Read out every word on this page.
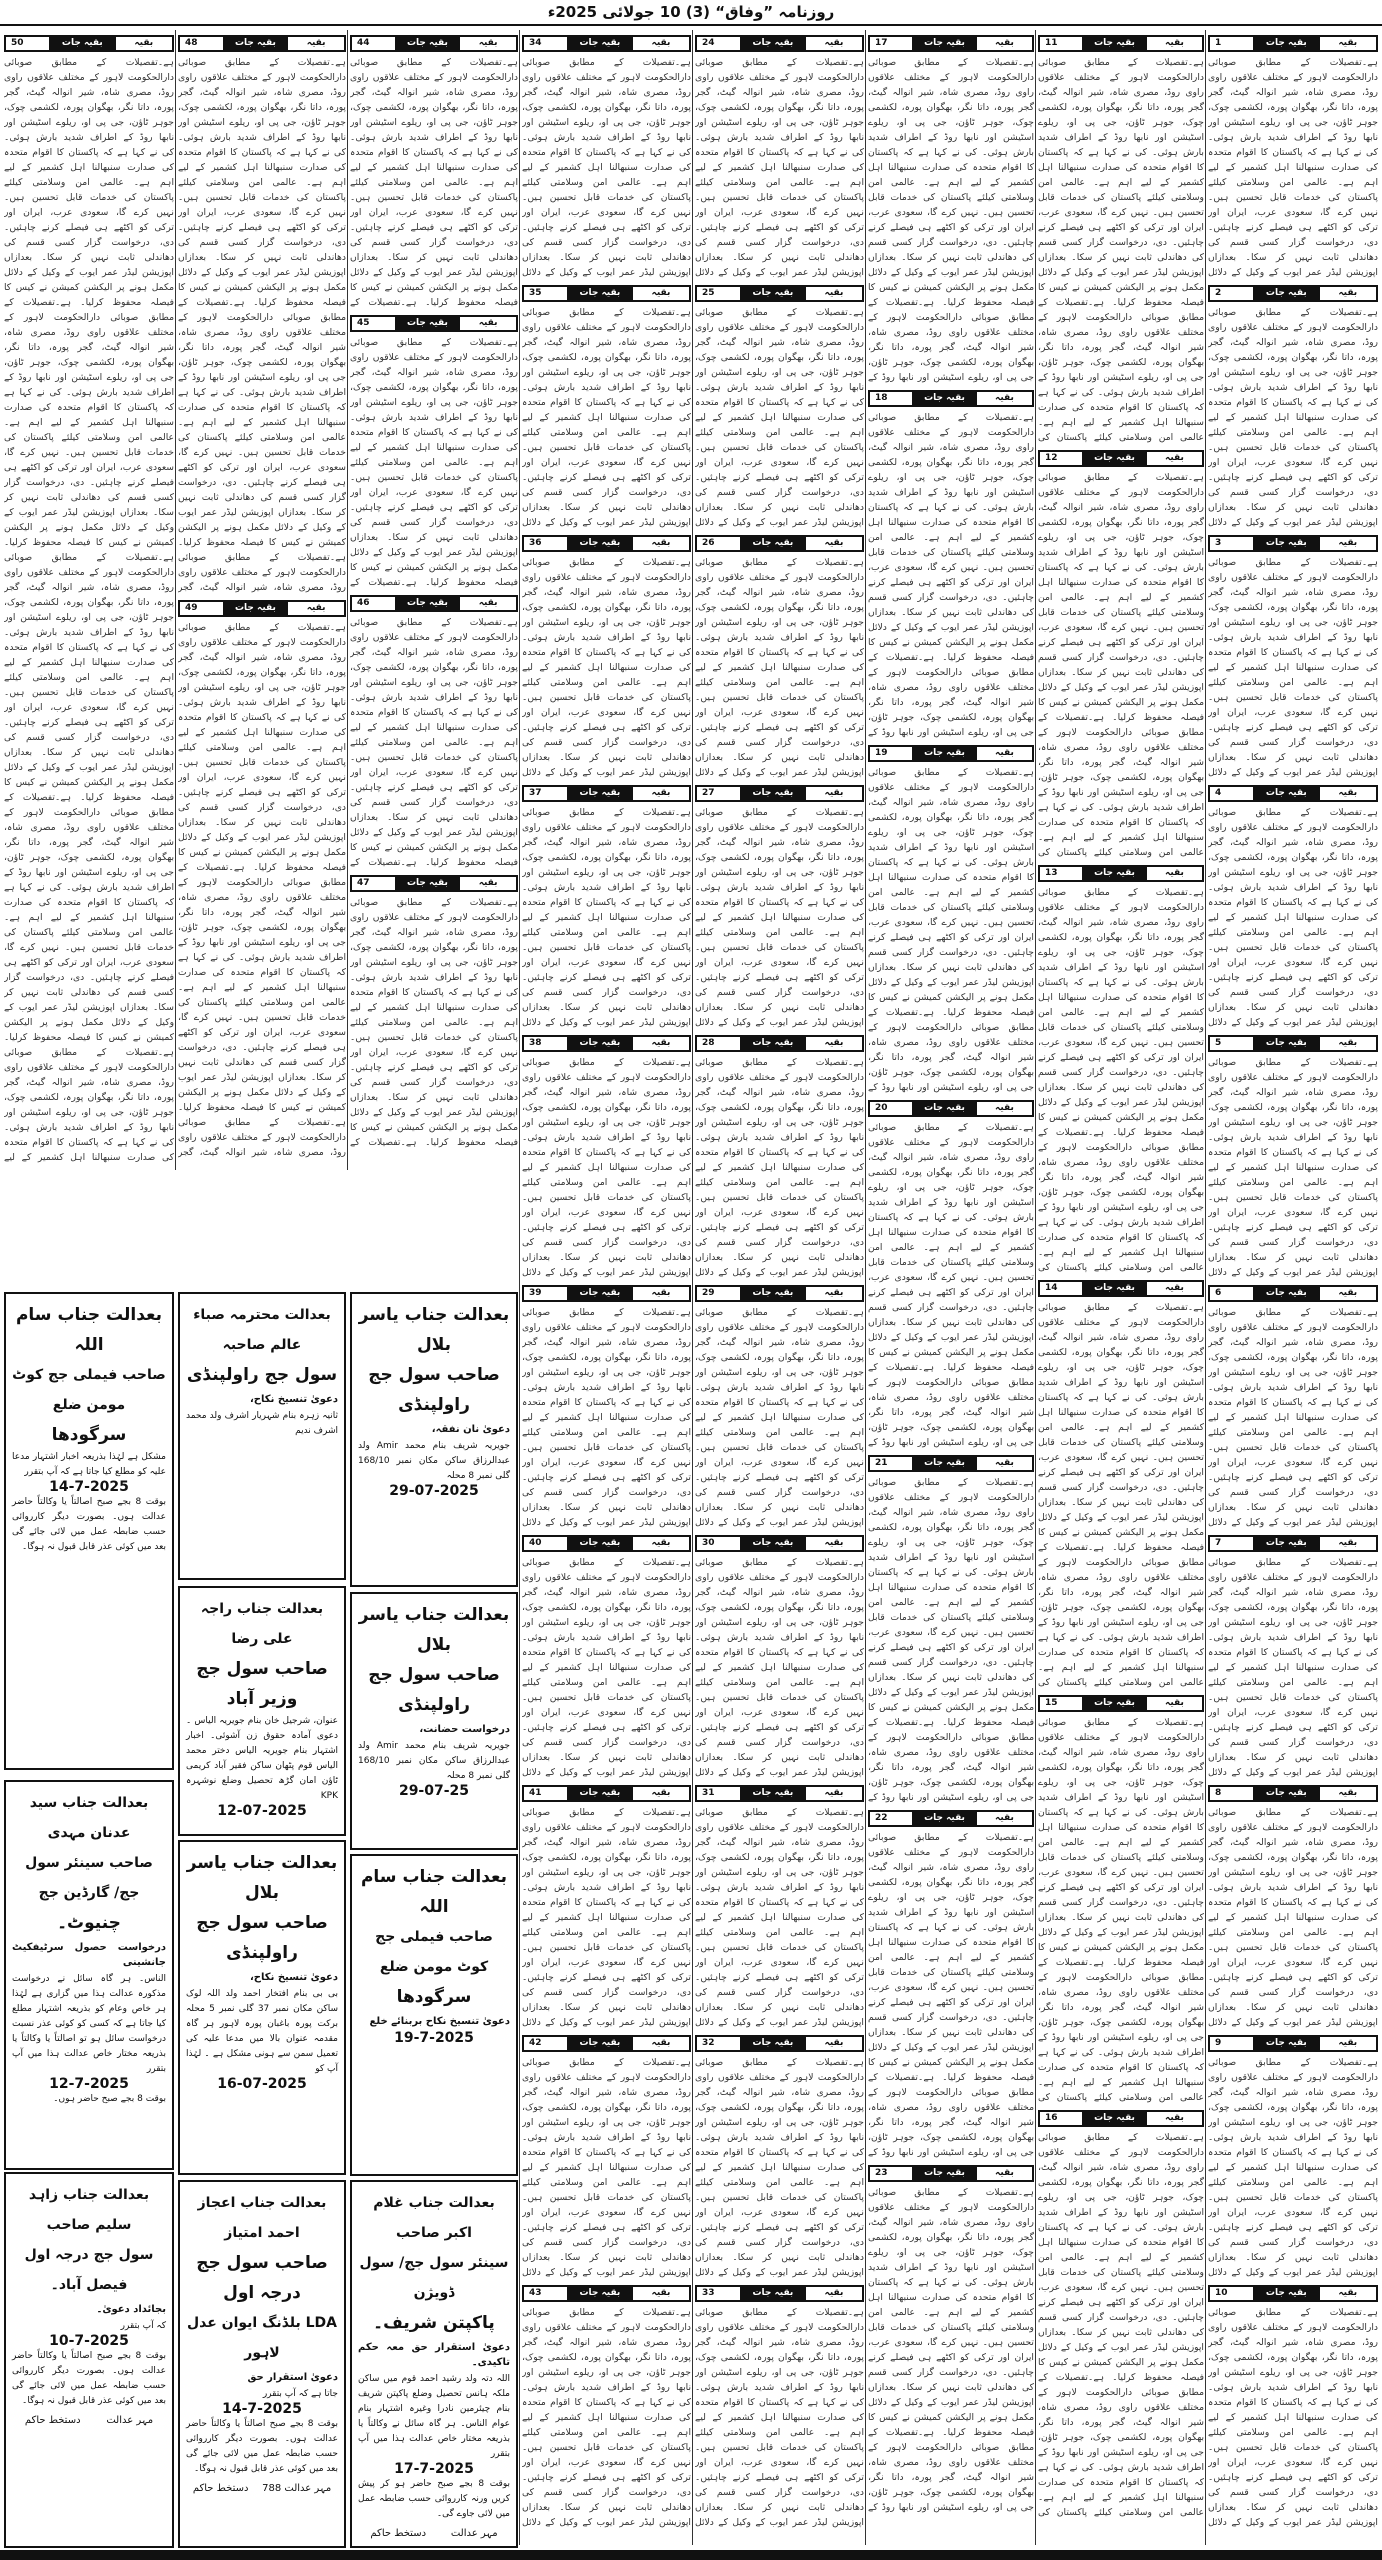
روزنامہ ”وفاق“ (3) 10 جولائی 2025ء
بقیہ
بقیہ جات
1

ہے۔تفصیلات کے مطابق صوبائی دارالحکومت لاہور کے مختلف علاقوں راوی روڈ، مصری شاہ، شیر انوالہ گیٹ، گجر پورہ، داتا نگر، بھگوان پورہ، لکشمی چوک، جوہر ٹاؤن، جی پی او، ریلوے اسٹیشن اور نابھا روڈ کے اطراف شدید بارش ہوئی۔ کی نے کہا ہے کہ پاکستان کا اقوام متحدہ کی صدارت سنبھالنا اہل کشمیر کے لیے اہم ہے۔ عالمی امن وسلامتی کیلئے پاکستان کی خدمات قابل تحسین ہیں۔ نہیں کرے گا، سعودی عرب، ایران اور ترکی کو اکٹھے ہی فیصلے کرنے چاہئیں۔ دی، درخواست گزار کسی قسم کی دھاندلی ثابت نہیں کر سکا۔ بعدازاں اپوزیشن لیڈر عمر ایوب کے وکیل کے دلائل

بقیہ
بقیہ جات
2

ہے۔تفصیلات کے مطابق صوبائی دارالحکومت لاہور کے مختلف علاقوں راوی روڈ، مصری شاہ، شیر انوالہ گیٹ، گجر پورہ، داتا نگر، بھگوان پورہ، لکشمی چوک، جوہر ٹاؤن، جی پی او، ریلوے اسٹیشن اور نابھا روڈ کے اطراف شدید بارش ہوئی۔ کی نے کہا ہے کہ پاکستان کا اقوام متحدہ کی صدارت سنبھالنا اہل کشمیر کے لیے اہم ہے۔ عالمی امن وسلامتی کیلئے پاکستان کی خدمات قابل تحسین ہیں۔ نہیں کرے گا، سعودی عرب، ایران اور ترکی کو اکٹھے ہی فیصلے کرنے چاہئیں۔ دی، درخواست گزار کسی قسم کی دھاندلی ثابت نہیں کر سکا۔ بعدازاں اپوزیشن لیڈر عمر ایوب کے وکیل کے دلائل

بقیہ
بقیہ جات
3

ہے۔تفصیلات کے مطابق صوبائی دارالحکومت لاہور کے مختلف علاقوں راوی روڈ، مصری شاہ، شیر انوالہ گیٹ، گجر پورہ، داتا نگر، بھگوان پورہ، لکشمی چوک، جوہر ٹاؤن، جی پی او، ریلوے اسٹیشن اور نابھا روڈ کے اطراف شدید بارش ہوئی۔ کی نے کہا ہے کہ پاکستان کا اقوام متحدہ کی صدارت سنبھالنا اہل کشمیر کے لیے اہم ہے۔ عالمی امن وسلامتی کیلئے پاکستان کی خدمات قابل تحسین ہیں۔ نہیں کرے گا، سعودی عرب، ایران اور ترکی کو اکٹھے ہی فیصلے کرنے چاہئیں۔ دی، درخواست گزار کسی قسم کی دھاندلی ثابت نہیں کر سکا۔ بعدازاں اپوزیشن لیڈر عمر ایوب کے وکیل کے دلائل

بقیہ
بقیہ جات
4

ہے۔تفصیلات کے مطابق صوبائی دارالحکومت لاہور کے مختلف علاقوں راوی روڈ، مصری شاہ، شیر انوالہ گیٹ، گجر پورہ، داتا نگر، بھگوان پورہ، لکشمی چوک، جوہر ٹاؤن، جی پی او، ریلوے اسٹیشن اور نابھا روڈ کے اطراف شدید بارش ہوئی۔ کی نے کہا ہے کہ پاکستان کا اقوام متحدہ کی صدارت سنبھالنا اہل کشمیر کے لیے اہم ہے۔ عالمی امن وسلامتی کیلئے پاکستان کی خدمات قابل تحسین ہیں۔ نہیں کرے گا، سعودی عرب، ایران اور ترکی کو اکٹھے ہی فیصلے کرنے چاہئیں۔ دی، درخواست گزار کسی قسم کی دھاندلی ثابت نہیں کر سکا۔ بعدازاں اپوزیشن لیڈر عمر ایوب کے وکیل کے دلائل

بقیہ
بقیہ جات
5

ہے۔تفصیلات کے مطابق صوبائی دارالحکومت لاہور کے مختلف علاقوں راوی روڈ، مصری شاہ، شیر انوالہ گیٹ، گجر پورہ، داتا نگر، بھگوان پورہ، لکشمی چوک، جوہر ٹاؤن، جی پی او، ریلوے اسٹیشن اور نابھا روڈ کے اطراف شدید بارش ہوئی۔ کی نے کہا ہے کہ پاکستان کا اقوام متحدہ کی صدارت سنبھالنا اہل کشمیر کے لیے اہم ہے۔ عالمی امن وسلامتی کیلئے پاکستان کی خدمات قابل تحسین ہیں۔ نہیں کرے گا، سعودی عرب، ایران اور ترکی کو اکٹھے ہی فیصلے کرنے چاہئیں۔ دی، درخواست گزار کسی قسم کی دھاندلی ثابت نہیں کر سکا۔ بعدازاں اپوزیشن لیڈر عمر ایوب کے وکیل کے دلائل

بقیہ
بقیہ جات
6

ہے۔تفصیلات کے مطابق صوبائی دارالحکومت لاہور کے مختلف علاقوں راوی روڈ، مصری شاہ، شیر انوالہ گیٹ، گجر پورہ، داتا نگر، بھگوان پورہ، لکشمی چوک، جوہر ٹاؤن، جی پی او، ریلوے اسٹیشن اور نابھا روڈ کے اطراف شدید بارش ہوئی۔ کی نے کہا ہے کہ پاکستان کا اقوام متحدہ کی صدارت سنبھالنا اہل کشمیر کے لیے اہم ہے۔ عالمی امن وسلامتی کیلئے پاکستان کی خدمات قابل تحسین ہیں۔ نہیں کرے گا، سعودی عرب، ایران اور ترکی کو اکٹھے ہی فیصلے کرنے چاہئیں۔ دی، درخواست گزار کسی قسم کی دھاندلی ثابت نہیں کر سکا۔ بعدازاں اپوزیشن لیڈر عمر ایوب کے وکیل کے دلائل

بقیہ
بقیہ جات
7

ہے۔تفصیلات کے مطابق صوبائی دارالحکومت لاہور کے مختلف علاقوں راوی روڈ، مصری شاہ، شیر انوالہ گیٹ، گجر پورہ، داتا نگر، بھگوان پورہ، لکشمی چوک، جوہر ٹاؤن، جی پی او، ریلوے اسٹیشن اور نابھا روڈ کے اطراف شدید بارش ہوئی۔ کی نے کہا ہے کہ پاکستان کا اقوام متحدہ کی صدارت سنبھالنا اہل کشمیر کے لیے اہم ہے۔ عالمی امن وسلامتی کیلئے پاکستان کی خدمات قابل تحسین ہیں۔ نہیں کرے گا، سعودی عرب، ایران اور ترکی کو اکٹھے ہی فیصلے کرنے چاہئیں۔ دی، درخواست گزار کسی قسم کی دھاندلی ثابت نہیں کر سکا۔ بعدازاں اپوزیشن لیڈر عمر ایوب کے وکیل کے دلائل

بقیہ
بقیہ جات
8

ہے۔تفصیلات کے مطابق صوبائی دارالحکومت لاہور کے مختلف علاقوں راوی روڈ، مصری شاہ، شیر انوالہ گیٹ، گجر پورہ، داتا نگر، بھگوان پورہ، لکشمی چوک، جوہر ٹاؤن، جی پی او، ریلوے اسٹیشن اور نابھا روڈ کے اطراف شدید بارش ہوئی۔ کی نے کہا ہے کہ پاکستان کا اقوام متحدہ کی صدارت سنبھالنا اہل کشمیر کے لیے اہم ہے۔ عالمی امن وسلامتی کیلئے پاکستان کی خدمات قابل تحسین ہیں۔ نہیں کرے گا، سعودی عرب، ایران اور ترکی کو اکٹھے ہی فیصلے کرنے چاہئیں۔ دی، درخواست گزار کسی قسم کی دھاندلی ثابت نہیں کر سکا۔ بعدازاں اپوزیشن لیڈر عمر ایوب کے وکیل کے دلائل

بقیہ
بقیہ جات
9

ہے۔تفصیلات کے مطابق صوبائی دارالحکومت لاہور کے مختلف علاقوں راوی روڈ، مصری شاہ، شیر انوالہ گیٹ، گجر پورہ، داتا نگر، بھگوان پورہ، لکشمی چوک، جوہر ٹاؤن، جی پی او، ریلوے اسٹیشن اور نابھا روڈ کے اطراف شدید بارش ہوئی۔ کی نے کہا ہے کہ پاکستان کا اقوام متحدہ کی صدارت سنبھالنا اہل کشمیر کے لیے اہم ہے۔ عالمی امن وسلامتی کیلئے پاکستان کی خدمات قابل تحسین ہیں۔ نہیں کرے گا، سعودی عرب، ایران اور ترکی کو اکٹھے ہی فیصلے کرنے چاہئیں۔ دی، درخواست گزار کسی قسم کی دھاندلی ثابت نہیں کر سکا۔ بعدازاں اپوزیشن لیڈر عمر ایوب کے وکیل کے دلائل

بقیہ
بقیہ جات
10

ہے۔تفصیلات کے مطابق صوبائی دارالحکومت لاہور کے مختلف علاقوں راوی روڈ، مصری شاہ، شیر انوالہ گیٹ، گجر پورہ، داتا نگر، بھگوان پورہ، لکشمی چوک، جوہر ٹاؤن، جی پی او، ریلوے اسٹیشن اور نابھا روڈ کے اطراف شدید بارش ہوئی۔ کی نے کہا ہے کہ پاکستان کا اقوام متحدہ کی صدارت سنبھالنا اہل کشمیر کے لیے اہم ہے۔ عالمی امن وسلامتی کیلئے پاکستان کی خدمات قابل تحسین ہیں۔ نہیں کرے گا، سعودی عرب، ایران اور ترکی کو اکٹھے ہی فیصلے کرنے چاہئیں۔ دی، درخواست گزار کسی قسم کی دھاندلی ثابت نہیں کر سکا۔ بعدازاں اپوزیشن لیڈر عمر ایوب کے وکیل کے دلائل

بقیہ
بقیہ جات
11

ہے۔تفصیلات کے مطابق صوبائی دارالحکومت لاہور کے مختلف علاقوں راوی روڈ، مصری شاہ، شیر انوالہ گیٹ، گجر پورہ، داتا نگر، بھگوان پورہ، لکشمی چوک، جوہر ٹاؤن، جی پی او، ریلوے اسٹیشن اور نابھا روڈ کے اطراف شدید بارش ہوئی۔ کی نے کہا ہے کہ پاکستان کا اقوام متحدہ کی صدارت سنبھالنا اہل کشمیر کے لیے اہم ہے۔ عالمی امن وسلامتی کیلئے پاکستان کی خدمات قابل تحسین ہیں۔ نہیں کرے گا، سعودی عرب، ایران اور ترکی کو اکٹھے ہی فیصلے کرنے چاہئیں۔ دی، درخواست گزار کسی قسم کی دھاندلی ثابت نہیں کر سکا۔ بعدازاں اپوزیشن لیڈر عمر ایوب کے وکیل کے دلائل مکمل ہونے پر الیکشن کمیشن نے کیس کا فیصلہ محفوظ کرلیا۔ ہے۔تفصیلات کے مطابق صوبائی دارالحکومت لاہور کے مختلف علاقوں راوی روڈ، مصری شاہ، شیر انوالہ گیٹ، گجر پورہ، داتا نگر، بھگوان پورہ، لکشمی چوک، جوہر ٹاؤن، جی پی او، ریلوے اسٹیشن اور نابھا روڈ کے اطراف شدید بارش ہوئی۔ کی نے کہا ہے کہ پاکستان کا اقوام متحدہ کی صدارت سنبھالنا اہل کشمیر کے لیے اہم ہے۔ عالمی امن وسلامتی کیلئے پاکستان کی

بقیہ
بقیہ جات
12

ہے۔تفصیلات کے مطابق صوبائی دارالحکومت لاہور کے مختلف علاقوں راوی روڈ، مصری شاہ، شیر انوالہ گیٹ، گجر پورہ، داتا نگر، بھگوان پورہ، لکشمی چوک، جوہر ٹاؤن، جی پی او، ریلوے اسٹیشن اور نابھا روڈ کے اطراف شدید بارش ہوئی۔ کی نے کہا ہے کہ پاکستان کا اقوام متحدہ کی صدارت سنبھالنا اہل کشمیر کے لیے اہم ہے۔ عالمی امن وسلامتی کیلئے پاکستان کی خدمات قابل تحسین ہیں۔ نہیں کرے گا، سعودی عرب، ایران اور ترکی کو اکٹھے ہی فیصلے کرنے چاہئیں۔ دی، درخواست گزار کسی قسم کی دھاندلی ثابت نہیں کر سکا۔ بعدازاں اپوزیشن لیڈر عمر ایوب کے وکیل کے دلائل مکمل ہونے پر الیکشن کمیشن نے کیس کا فیصلہ محفوظ کرلیا۔ ہے۔تفصیلات کے مطابق صوبائی دارالحکومت لاہور کے مختلف علاقوں راوی روڈ، مصری شاہ، شیر انوالہ گیٹ، گجر پورہ، داتا نگر، بھگوان پورہ، لکشمی چوک، جوہر ٹاؤن، جی پی او، ریلوے اسٹیشن اور نابھا روڈ کے اطراف شدید بارش ہوئی۔ کی نے کہا ہے کہ پاکستان کا اقوام متحدہ کی صدارت سنبھالنا اہل کشمیر کے لیے اہم ہے۔ عالمی امن وسلامتی کیلئے پاکستان کی

بقیہ
بقیہ جات
13

ہے۔تفصیلات کے مطابق صوبائی دارالحکومت لاہور کے مختلف علاقوں راوی روڈ، مصری شاہ، شیر انوالہ گیٹ، گجر پورہ، داتا نگر، بھگوان پورہ، لکشمی چوک، جوہر ٹاؤن، جی پی او، ریلوے اسٹیشن اور نابھا روڈ کے اطراف شدید بارش ہوئی۔ کی نے کہا ہے کہ پاکستان کا اقوام متحدہ کی صدارت سنبھالنا اہل کشمیر کے لیے اہم ہے۔ عالمی امن وسلامتی کیلئے پاکستان کی خدمات قابل تحسین ہیں۔ نہیں کرے گا، سعودی عرب، ایران اور ترکی کو اکٹھے ہی فیصلے کرنے چاہئیں۔ دی، درخواست گزار کسی قسم کی دھاندلی ثابت نہیں کر سکا۔ بعدازاں اپوزیشن لیڈر عمر ایوب کے وکیل کے دلائل مکمل ہونے پر الیکشن کمیشن نے کیس کا فیصلہ محفوظ کرلیا۔ ہے۔تفصیلات کے مطابق صوبائی دارالحکومت لاہور کے مختلف علاقوں راوی روڈ، مصری شاہ، شیر انوالہ گیٹ، گجر پورہ، داتا نگر، بھگوان پورہ، لکشمی چوک، جوہر ٹاؤن، جی پی او، ریلوے اسٹیشن اور نابھا روڈ کے اطراف شدید بارش ہوئی۔ کی نے کہا ہے کہ پاکستان کا اقوام متحدہ کی صدارت سنبھالنا اہل کشمیر کے لیے اہم ہے۔ عالمی امن وسلامتی کیلئے پاکستان کی

بقیہ
بقیہ جات
14

ہے۔تفصیلات کے مطابق صوبائی دارالحکومت لاہور کے مختلف علاقوں راوی روڈ، مصری شاہ، شیر انوالہ گیٹ، گجر پورہ، داتا نگر، بھگوان پورہ، لکشمی چوک، جوہر ٹاؤن، جی پی او، ریلوے اسٹیشن اور نابھا روڈ کے اطراف شدید بارش ہوئی۔ کی نے کہا ہے کہ پاکستان کا اقوام متحدہ کی صدارت سنبھالنا اہل کشمیر کے لیے اہم ہے۔ عالمی امن وسلامتی کیلئے پاکستان کی خدمات قابل تحسین ہیں۔ نہیں کرے گا، سعودی عرب، ایران اور ترکی کو اکٹھے ہی فیصلے کرنے چاہئیں۔ دی، درخواست گزار کسی قسم کی دھاندلی ثابت نہیں کر سکا۔ بعدازاں اپوزیشن لیڈر عمر ایوب کے وکیل کے دلائل مکمل ہونے پر الیکشن کمیشن نے کیس کا فیصلہ محفوظ کرلیا۔ ہے۔تفصیلات کے مطابق صوبائی دارالحکومت لاہور کے مختلف علاقوں راوی روڈ، مصری شاہ، شیر انوالہ گیٹ، گجر پورہ، داتا نگر، بھگوان پورہ، لکشمی چوک، جوہر ٹاؤن، جی پی او، ریلوے اسٹیشن اور نابھا روڈ کے اطراف شدید بارش ہوئی۔ کی نے کہا ہے کہ پاکستان کا اقوام متحدہ کی صدارت سنبھالنا اہل کشمیر کے لیے اہم ہے۔ عالمی امن وسلامتی کیلئے پاکستان کی

بقیہ
بقیہ جات
15

ہے۔تفصیلات کے مطابق صوبائی دارالحکومت لاہور کے مختلف علاقوں راوی روڈ، مصری شاہ، شیر انوالہ گیٹ، گجر پورہ، داتا نگر، بھگوان پورہ، لکشمی چوک، جوہر ٹاؤن، جی پی او، ریلوے اسٹیشن اور نابھا روڈ کے اطراف شدید بارش ہوئی۔ کی نے کہا ہے کہ پاکستان کا اقوام متحدہ کی صدارت سنبھالنا اہل کشمیر کے لیے اہم ہے۔ عالمی امن وسلامتی کیلئے پاکستان کی خدمات قابل تحسین ہیں۔ نہیں کرے گا، سعودی عرب، ایران اور ترکی کو اکٹھے ہی فیصلے کرنے چاہئیں۔ دی، درخواست گزار کسی قسم کی دھاندلی ثابت نہیں کر سکا۔ بعدازاں اپوزیشن لیڈر عمر ایوب کے وکیل کے دلائل مکمل ہونے پر الیکشن کمیشن نے کیس کا فیصلہ محفوظ کرلیا۔ ہے۔تفصیلات کے مطابق صوبائی دارالحکومت لاہور کے مختلف علاقوں راوی روڈ، مصری شاہ، شیر انوالہ گیٹ، گجر پورہ، داتا نگر، بھگوان پورہ، لکشمی چوک، جوہر ٹاؤن، جی پی او، ریلوے اسٹیشن اور نابھا روڈ کے اطراف شدید بارش ہوئی۔ کی نے کہا ہے کہ پاکستان کا اقوام متحدہ کی صدارت سنبھالنا اہل کشمیر کے لیے اہم ہے۔ عالمی امن وسلامتی کیلئے پاکستان کی

بقیہ
بقیہ جات
16

ہے۔تفصیلات کے مطابق صوبائی دارالحکومت لاہور کے مختلف علاقوں راوی روڈ، مصری شاہ، شیر انوالہ گیٹ، گجر پورہ، داتا نگر، بھگوان پورہ، لکشمی چوک، جوہر ٹاؤن، جی پی او، ریلوے اسٹیشن اور نابھا روڈ کے اطراف شدید بارش ہوئی۔ کی نے کہا ہے کہ پاکستان کا اقوام متحدہ کی صدارت سنبھالنا اہل کشمیر کے لیے اہم ہے۔ عالمی امن وسلامتی کیلئے پاکستان کی خدمات قابل تحسین ہیں۔ نہیں کرے گا، سعودی عرب، ایران اور ترکی کو اکٹھے ہی فیصلے کرنے چاہئیں۔ دی، درخواست گزار کسی قسم کی دھاندلی ثابت نہیں کر سکا۔ بعدازاں اپوزیشن لیڈر عمر ایوب کے وکیل کے دلائل مکمل ہونے پر الیکشن کمیشن نے کیس کا فیصلہ محفوظ کرلیا۔ ہے۔تفصیلات کے مطابق صوبائی دارالحکومت لاہور کے مختلف علاقوں راوی روڈ، مصری شاہ، شیر انوالہ گیٹ، گجر پورہ، داتا نگر، بھگوان پورہ، لکشمی چوک، جوہر ٹاؤن، جی پی او، ریلوے اسٹیشن اور نابھا روڈ کے اطراف شدید بارش ہوئی۔ کی نے کہا ہے کہ پاکستان کا اقوام متحدہ کی صدارت سنبھالنا اہل کشمیر کے لیے اہم ہے۔ عالمی امن وسلامتی کیلئے پاکستان کی

بقیہ
بقیہ جات
17

ہے۔تفصیلات کے مطابق صوبائی دارالحکومت لاہور کے مختلف علاقوں راوی روڈ، مصری شاہ، شیر انوالہ گیٹ، گجر پورہ، داتا نگر، بھگوان پورہ، لکشمی چوک، جوہر ٹاؤن، جی پی او، ریلوے اسٹیشن اور نابھا روڈ کے اطراف شدید بارش ہوئی۔ کی نے کہا ہے کہ پاکستان کا اقوام متحدہ کی صدارت سنبھالنا اہل کشمیر کے لیے اہم ہے۔ عالمی امن وسلامتی کیلئے پاکستان کی خدمات قابل تحسین ہیں۔ نہیں کرے گا، سعودی عرب، ایران اور ترکی کو اکٹھے ہی فیصلے کرنے چاہئیں۔ دی، درخواست گزار کسی قسم کی دھاندلی ثابت نہیں کر سکا۔ بعدازاں اپوزیشن لیڈر عمر ایوب کے وکیل کے دلائل مکمل ہونے پر الیکشن کمیشن نے کیس کا فیصلہ محفوظ کرلیا۔ ہے۔تفصیلات کے مطابق صوبائی دارالحکومت لاہور کے مختلف علاقوں راوی روڈ، مصری شاہ، شیر انوالہ گیٹ، گجر پورہ، داتا نگر، بھگوان پورہ، لکشمی چوک، جوہر ٹاؤن، جی پی او، ریلوے اسٹیشن اور نابھا روڈ کے

بقیہ
بقیہ جات
18

ہے۔تفصیلات کے مطابق صوبائی دارالحکومت لاہور کے مختلف علاقوں راوی روڈ، مصری شاہ، شیر انوالہ گیٹ، گجر پورہ، داتا نگر، بھگوان پورہ، لکشمی چوک، جوہر ٹاؤن، جی پی او، ریلوے اسٹیشن اور نابھا روڈ کے اطراف شدید بارش ہوئی۔ کی نے کہا ہے کہ پاکستان کا اقوام متحدہ کی صدارت سنبھالنا اہل کشمیر کے لیے اہم ہے۔ عالمی امن وسلامتی کیلئے پاکستان کی خدمات قابل تحسین ہیں۔ نہیں کرے گا، سعودی عرب، ایران اور ترکی کو اکٹھے ہی فیصلے کرنے چاہئیں۔ دی، درخواست گزار کسی قسم کی دھاندلی ثابت نہیں کر سکا۔ بعدازاں اپوزیشن لیڈر عمر ایوب کے وکیل کے دلائل مکمل ہونے پر الیکشن کمیشن نے کیس کا فیصلہ محفوظ کرلیا۔ ہے۔تفصیلات کے مطابق صوبائی دارالحکومت لاہور کے مختلف علاقوں راوی روڈ، مصری شاہ، شیر انوالہ گیٹ، گجر پورہ، داتا نگر، بھگوان پورہ، لکشمی چوک، جوہر ٹاؤن، جی پی او، ریلوے اسٹیشن اور نابھا روڈ کے

بقیہ
بقیہ جات
19

ہے۔تفصیلات کے مطابق صوبائی دارالحکومت لاہور کے مختلف علاقوں راوی روڈ، مصری شاہ، شیر انوالہ گیٹ، گجر پورہ، داتا نگر، بھگوان پورہ، لکشمی چوک، جوہر ٹاؤن، جی پی او، ریلوے اسٹیشن اور نابھا روڈ کے اطراف شدید بارش ہوئی۔ کی نے کہا ہے کہ پاکستان کا اقوام متحدہ کی صدارت سنبھالنا اہل کشمیر کے لیے اہم ہے۔ عالمی امن وسلامتی کیلئے پاکستان کی خدمات قابل تحسین ہیں۔ نہیں کرے گا، سعودی عرب، ایران اور ترکی کو اکٹھے ہی فیصلے کرنے چاہئیں۔ دی، درخواست گزار کسی قسم کی دھاندلی ثابت نہیں کر سکا۔ بعدازاں اپوزیشن لیڈر عمر ایوب کے وکیل کے دلائل مکمل ہونے پر الیکشن کمیشن نے کیس کا فیصلہ محفوظ کرلیا۔ ہے۔تفصیلات کے مطابق صوبائی دارالحکومت لاہور کے مختلف علاقوں راوی روڈ، مصری شاہ، شیر انوالہ گیٹ، گجر پورہ، داتا نگر، بھگوان پورہ، لکشمی چوک، جوہر ٹاؤن، جی پی او، ریلوے اسٹیشن اور نابھا روڈ کے

بقیہ
بقیہ جات
20

ہے۔تفصیلات کے مطابق صوبائی دارالحکومت لاہور کے مختلف علاقوں راوی روڈ، مصری شاہ، شیر انوالہ گیٹ، گجر پورہ، داتا نگر، بھگوان پورہ، لکشمی چوک، جوہر ٹاؤن، جی پی او، ریلوے اسٹیشن اور نابھا روڈ کے اطراف شدید بارش ہوئی۔ کی نے کہا ہے کہ پاکستان کا اقوام متحدہ کی صدارت سنبھالنا اہل کشمیر کے لیے اہم ہے۔ عالمی امن وسلامتی کیلئے پاکستان کی خدمات قابل تحسین ہیں۔ نہیں کرے گا، سعودی عرب، ایران اور ترکی کو اکٹھے ہی فیصلے کرنے چاہئیں۔ دی، درخواست گزار کسی قسم کی دھاندلی ثابت نہیں کر سکا۔ بعدازاں اپوزیشن لیڈر عمر ایوب کے وکیل کے دلائل مکمل ہونے پر الیکشن کمیشن نے کیس کا فیصلہ محفوظ کرلیا۔ ہے۔تفصیلات کے مطابق صوبائی دارالحکومت لاہور کے مختلف علاقوں راوی روڈ، مصری شاہ، شیر انوالہ گیٹ، گجر پورہ، داتا نگر، بھگوان پورہ، لکشمی چوک، جوہر ٹاؤن، جی پی او، ریلوے اسٹیشن اور نابھا روڈ کے

بقیہ
بقیہ جات
21

ہے۔تفصیلات کے مطابق صوبائی دارالحکومت لاہور کے مختلف علاقوں راوی روڈ، مصری شاہ، شیر انوالہ گیٹ، گجر پورہ، داتا نگر، بھگوان پورہ، لکشمی چوک، جوہر ٹاؤن، جی پی او، ریلوے اسٹیشن اور نابھا روڈ کے اطراف شدید بارش ہوئی۔ کی نے کہا ہے کہ پاکستان کا اقوام متحدہ کی صدارت سنبھالنا اہل کشمیر کے لیے اہم ہے۔ عالمی امن وسلامتی کیلئے پاکستان کی خدمات قابل تحسین ہیں۔ نہیں کرے گا، سعودی عرب، ایران اور ترکی کو اکٹھے ہی فیصلے کرنے چاہئیں۔ دی، درخواست گزار کسی قسم کی دھاندلی ثابت نہیں کر سکا۔ بعدازاں اپوزیشن لیڈر عمر ایوب کے وکیل کے دلائل مکمل ہونے پر الیکشن کمیشن نے کیس کا فیصلہ محفوظ کرلیا۔ ہے۔تفصیلات کے مطابق صوبائی دارالحکومت لاہور کے مختلف علاقوں راوی روڈ، مصری شاہ، شیر انوالہ گیٹ، گجر پورہ، داتا نگر، بھگوان پورہ، لکشمی چوک، جوہر ٹاؤن، جی پی او، ریلوے اسٹیشن اور نابھا روڈ کے

بقیہ
بقیہ جات
22

ہے۔تفصیلات کے مطابق صوبائی دارالحکومت لاہور کے مختلف علاقوں راوی روڈ، مصری شاہ، شیر انوالہ گیٹ، گجر پورہ، داتا نگر، بھگوان پورہ، لکشمی چوک، جوہر ٹاؤن، جی پی او، ریلوے اسٹیشن اور نابھا روڈ کے اطراف شدید بارش ہوئی۔ کی نے کہا ہے کہ پاکستان کا اقوام متحدہ کی صدارت سنبھالنا اہل کشمیر کے لیے اہم ہے۔ عالمی امن وسلامتی کیلئے پاکستان کی خدمات قابل تحسین ہیں۔ نہیں کرے گا، سعودی عرب، ایران اور ترکی کو اکٹھے ہی فیصلے کرنے چاہئیں۔ دی، درخواست گزار کسی قسم کی دھاندلی ثابت نہیں کر سکا۔ بعدازاں اپوزیشن لیڈر عمر ایوب کے وکیل کے دلائل مکمل ہونے پر الیکشن کمیشن نے کیس کا فیصلہ محفوظ کرلیا۔ ہے۔تفصیلات کے مطابق صوبائی دارالحکومت لاہور کے مختلف علاقوں راوی روڈ، مصری شاہ، شیر انوالہ گیٹ، گجر پورہ، داتا نگر، بھگوان پورہ، لکشمی چوک، جوہر ٹاؤن، جی پی او، ریلوے اسٹیشن اور نابھا روڈ کے

بقیہ
بقیہ جات
23

ہے۔تفصیلات کے مطابق صوبائی دارالحکومت لاہور کے مختلف علاقوں راوی روڈ، مصری شاہ، شیر انوالہ گیٹ، گجر پورہ، داتا نگر، بھگوان پورہ، لکشمی چوک، جوہر ٹاؤن، جی پی او، ریلوے اسٹیشن اور نابھا روڈ کے اطراف شدید بارش ہوئی۔ کی نے کہا ہے کہ پاکستان کا اقوام متحدہ کی صدارت سنبھالنا اہل کشمیر کے لیے اہم ہے۔ عالمی امن وسلامتی کیلئے پاکستان کی خدمات قابل تحسین ہیں۔ نہیں کرے گا، سعودی عرب، ایران اور ترکی کو اکٹھے ہی فیصلے کرنے چاہئیں۔ دی، درخواست گزار کسی قسم کی دھاندلی ثابت نہیں کر سکا۔ بعدازاں اپوزیشن لیڈر عمر ایوب کے وکیل کے دلائل مکمل ہونے پر الیکشن کمیشن نے کیس کا فیصلہ محفوظ کرلیا۔ ہے۔تفصیلات کے مطابق صوبائی دارالحکومت لاہور کے مختلف علاقوں راوی روڈ، مصری شاہ، شیر انوالہ گیٹ، گجر پورہ، داتا نگر، بھگوان پورہ، لکشمی چوک، جوہر ٹاؤن، جی پی او، ریلوے اسٹیشن اور نابھا روڈ کے

بقیہ
بقیہ جات
24

ہے۔تفصیلات کے مطابق صوبائی دارالحکومت لاہور کے مختلف علاقوں راوی روڈ، مصری شاہ، شیر انوالہ گیٹ، گجر پورہ، داتا نگر، بھگوان پورہ، لکشمی چوک، جوہر ٹاؤن، جی پی او، ریلوے اسٹیشن اور نابھا روڈ کے اطراف شدید بارش ہوئی۔ کی نے کہا ہے کہ پاکستان کا اقوام متحدہ کی صدارت سنبھالنا اہل کشمیر کے لیے اہم ہے۔ عالمی امن وسلامتی کیلئے پاکستان کی خدمات قابل تحسین ہیں۔ نہیں کرے گا، سعودی عرب، ایران اور ترکی کو اکٹھے ہی فیصلے کرنے چاہئیں۔ دی، درخواست گزار کسی قسم کی دھاندلی ثابت نہیں کر سکا۔ بعدازاں اپوزیشن لیڈر عمر ایوب کے وکیل کے دلائل

بقیہ
بقیہ جات
25

ہے۔تفصیلات کے مطابق صوبائی دارالحکومت لاہور کے مختلف علاقوں راوی روڈ، مصری شاہ، شیر انوالہ گیٹ، گجر پورہ، داتا نگر، بھگوان پورہ، لکشمی چوک، جوہر ٹاؤن، جی پی او، ریلوے اسٹیشن اور نابھا روڈ کے اطراف شدید بارش ہوئی۔ کی نے کہا ہے کہ پاکستان کا اقوام متحدہ کی صدارت سنبھالنا اہل کشمیر کے لیے اہم ہے۔ عالمی امن وسلامتی کیلئے پاکستان کی خدمات قابل تحسین ہیں۔ نہیں کرے گا، سعودی عرب، ایران اور ترکی کو اکٹھے ہی فیصلے کرنے چاہئیں۔ دی، درخواست گزار کسی قسم کی دھاندلی ثابت نہیں کر سکا۔ بعدازاں اپوزیشن لیڈر عمر ایوب کے وکیل کے دلائل

بقیہ
بقیہ جات
26

ہے۔تفصیلات کے مطابق صوبائی دارالحکومت لاہور کے مختلف علاقوں راوی روڈ، مصری شاہ، شیر انوالہ گیٹ، گجر پورہ، داتا نگر، بھگوان پورہ، لکشمی چوک، جوہر ٹاؤن، جی پی او، ریلوے اسٹیشن اور نابھا روڈ کے اطراف شدید بارش ہوئی۔ کی نے کہا ہے کہ پاکستان کا اقوام متحدہ کی صدارت سنبھالنا اہل کشمیر کے لیے اہم ہے۔ عالمی امن وسلامتی کیلئے پاکستان کی خدمات قابل تحسین ہیں۔ نہیں کرے گا، سعودی عرب، ایران اور ترکی کو اکٹھے ہی فیصلے کرنے چاہئیں۔ دی، درخواست گزار کسی قسم کی دھاندلی ثابت نہیں کر سکا۔ بعدازاں اپوزیشن لیڈر عمر ایوب کے وکیل کے دلائل

بقیہ
بقیہ جات
27

ہے۔تفصیلات کے مطابق صوبائی دارالحکومت لاہور کے مختلف علاقوں راوی روڈ، مصری شاہ، شیر انوالہ گیٹ، گجر پورہ، داتا نگر، بھگوان پورہ، لکشمی چوک، جوہر ٹاؤن، جی پی او، ریلوے اسٹیشن اور نابھا روڈ کے اطراف شدید بارش ہوئی۔ کی نے کہا ہے کہ پاکستان کا اقوام متحدہ کی صدارت سنبھالنا اہل کشمیر کے لیے اہم ہے۔ عالمی امن وسلامتی کیلئے پاکستان کی خدمات قابل تحسین ہیں۔ نہیں کرے گا، سعودی عرب، ایران اور ترکی کو اکٹھے ہی فیصلے کرنے چاہئیں۔ دی، درخواست گزار کسی قسم کی دھاندلی ثابت نہیں کر سکا۔ بعدازاں اپوزیشن لیڈر عمر ایوب کے وکیل کے دلائل

بقیہ
بقیہ جات
28

ہے۔تفصیلات کے مطابق صوبائی دارالحکومت لاہور کے مختلف علاقوں راوی روڈ، مصری شاہ، شیر انوالہ گیٹ، گجر پورہ، داتا نگر، بھگوان پورہ، لکشمی چوک، جوہر ٹاؤن، جی پی او، ریلوے اسٹیشن اور نابھا روڈ کے اطراف شدید بارش ہوئی۔ کی نے کہا ہے کہ پاکستان کا اقوام متحدہ کی صدارت سنبھالنا اہل کشمیر کے لیے اہم ہے۔ عالمی امن وسلامتی کیلئے پاکستان کی خدمات قابل تحسین ہیں۔ نہیں کرے گا، سعودی عرب، ایران اور ترکی کو اکٹھے ہی فیصلے کرنے چاہئیں۔ دی، درخواست گزار کسی قسم کی دھاندلی ثابت نہیں کر سکا۔ بعدازاں اپوزیشن لیڈر عمر ایوب کے وکیل کے دلائل

بقیہ
بقیہ جات
29

ہے۔تفصیلات کے مطابق صوبائی دارالحکومت لاہور کے مختلف علاقوں راوی روڈ، مصری شاہ، شیر انوالہ گیٹ، گجر پورہ، داتا نگر، بھگوان پورہ، لکشمی چوک، جوہر ٹاؤن، جی پی او، ریلوے اسٹیشن اور نابھا روڈ کے اطراف شدید بارش ہوئی۔ کی نے کہا ہے کہ پاکستان کا اقوام متحدہ کی صدارت سنبھالنا اہل کشمیر کے لیے اہم ہے۔ عالمی امن وسلامتی کیلئے پاکستان کی خدمات قابل تحسین ہیں۔ نہیں کرے گا، سعودی عرب، ایران اور ترکی کو اکٹھے ہی فیصلے کرنے چاہئیں۔ دی، درخواست گزار کسی قسم کی دھاندلی ثابت نہیں کر سکا۔ بعدازاں اپوزیشن لیڈر عمر ایوب کے وکیل کے دلائل

بقیہ
بقیہ جات
30

ہے۔تفصیلات کے مطابق صوبائی دارالحکومت لاہور کے مختلف علاقوں راوی روڈ، مصری شاہ، شیر انوالہ گیٹ، گجر پورہ، داتا نگر، بھگوان پورہ، لکشمی چوک، جوہر ٹاؤن، جی پی او، ریلوے اسٹیشن اور نابھا روڈ کے اطراف شدید بارش ہوئی۔ کی نے کہا ہے کہ پاکستان کا اقوام متحدہ کی صدارت سنبھالنا اہل کشمیر کے لیے اہم ہے۔ عالمی امن وسلامتی کیلئے پاکستان کی خدمات قابل تحسین ہیں۔ نہیں کرے گا، سعودی عرب، ایران اور ترکی کو اکٹھے ہی فیصلے کرنے چاہئیں۔ دی، درخواست گزار کسی قسم کی دھاندلی ثابت نہیں کر سکا۔ بعدازاں اپوزیشن لیڈر عمر ایوب کے وکیل کے دلائل

بقیہ
بقیہ جات
31

ہے۔تفصیلات کے مطابق صوبائی دارالحکومت لاہور کے مختلف علاقوں راوی روڈ، مصری شاہ، شیر انوالہ گیٹ، گجر پورہ، داتا نگر، بھگوان پورہ، لکشمی چوک، جوہر ٹاؤن، جی پی او، ریلوے اسٹیشن اور نابھا روڈ کے اطراف شدید بارش ہوئی۔ کی نے کہا ہے کہ پاکستان کا اقوام متحدہ کی صدارت سنبھالنا اہل کشمیر کے لیے اہم ہے۔ عالمی امن وسلامتی کیلئے پاکستان کی خدمات قابل تحسین ہیں۔ نہیں کرے گا، سعودی عرب، ایران اور ترکی کو اکٹھے ہی فیصلے کرنے چاہئیں۔ دی، درخواست گزار کسی قسم کی دھاندلی ثابت نہیں کر سکا۔ بعدازاں اپوزیشن لیڈر عمر ایوب کے وکیل کے دلائل

بقیہ
بقیہ جات
32

ہے۔تفصیلات کے مطابق صوبائی دارالحکومت لاہور کے مختلف علاقوں راوی روڈ، مصری شاہ، شیر انوالہ گیٹ، گجر پورہ، داتا نگر، بھگوان پورہ، لکشمی چوک، جوہر ٹاؤن، جی پی او، ریلوے اسٹیشن اور نابھا روڈ کے اطراف شدید بارش ہوئی۔ کی نے کہا ہے کہ پاکستان کا اقوام متحدہ کی صدارت سنبھالنا اہل کشمیر کے لیے اہم ہے۔ عالمی امن وسلامتی کیلئے پاکستان کی خدمات قابل تحسین ہیں۔ نہیں کرے گا، سعودی عرب، ایران اور ترکی کو اکٹھے ہی فیصلے کرنے چاہئیں۔ دی، درخواست گزار کسی قسم کی دھاندلی ثابت نہیں کر سکا۔ بعدازاں اپوزیشن لیڈر عمر ایوب کے وکیل کے دلائل

بقیہ
بقیہ جات
33

ہے۔تفصیلات کے مطابق صوبائی دارالحکومت لاہور کے مختلف علاقوں راوی روڈ، مصری شاہ، شیر انوالہ گیٹ، گجر پورہ، داتا نگر، بھگوان پورہ، لکشمی چوک، جوہر ٹاؤن، جی پی او، ریلوے اسٹیشن اور نابھا روڈ کے اطراف شدید بارش ہوئی۔ کی نے کہا ہے کہ پاکستان کا اقوام متحدہ کی صدارت سنبھالنا اہل کشمیر کے لیے اہم ہے۔ عالمی امن وسلامتی کیلئے پاکستان کی خدمات قابل تحسین ہیں۔ نہیں کرے گا، سعودی عرب، ایران اور ترکی کو اکٹھے ہی فیصلے کرنے چاہئیں۔ دی، درخواست گزار کسی قسم کی دھاندلی ثابت نہیں کر سکا۔ بعدازاں اپوزیشن لیڈر عمر ایوب کے وکیل کے دلائل

بقیہ
بقیہ جات
34

ہے۔تفصیلات کے مطابق صوبائی دارالحکومت لاہور کے مختلف علاقوں راوی روڈ، مصری شاہ، شیر انوالہ گیٹ، گجر پورہ، داتا نگر، بھگوان پورہ، لکشمی چوک، جوہر ٹاؤن، جی پی او، ریلوے اسٹیشن اور نابھا روڈ کے اطراف شدید بارش ہوئی۔ کی نے کہا ہے کہ پاکستان کا اقوام متحدہ کی صدارت سنبھالنا اہل کشمیر کے لیے اہم ہے۔ عالمی امن وسلامتی کیلئے پاکستان کی خدمات قابل تحسین ہیں۔ نہیں کرے گا، سعودی عرب، ایران اور ترکی کو اکٹھے ہی فیصلے کرنے چاہئیں۔ دی، درخواست گزار کسی قسم کی دھاندلی ثابت نہیں کر سکا۔ بعدازاں اپوزیشن لیڈر عمر ایوب کے وکیل کے دلائل

بقیہ
بقیہ جات
35

ہے۔تفصیلات کے مطابق صوبائی دارالحکومت لاہور کے مختلف علاقوں راوی روڈ، مصری شاہ، شیر انوالہ گیٹ، گجر پورہ، داتا نگر، بھگوان پورہ، لکشمی چوک، جوہر ٹاؤن، جی پی او، ریلوے اسٹیشن اور نابھا روڈ کے اطراف شدید بارش ہوئی۔ کی نے کہا ہے کہ پاکستان کا اقوام متحدہ کی صدارت سنبھالنا اہل کشمیر کے لیے اہم ہے۔ عالمی امن وسلامتی کیلئے پاکستان کی خدمات قابل تحسین ہیں۔ نہیں کرے گا، سعودی عرب، ایران اور ترکی کو اکٹھے ہی فیصلے کرنے چاہئیں۔ دی، درخواست گزار کسی قسم کی دھاندلی ثابت نہیں کر سکا۔ بعدازاں اپوزیشن لیڈر عمر ایوب کے وکیل کے دلائل

بقیہ
بقیہ جات
36

ہے۔تفصیلات کے مطابق صوبائی دارالحکومت لاہور کے مختلف علاقوں راوی روڈ، مصری شاہ، شیر انوالہ گیٹ، گجر پورہ، داتا نگر، بھگوان پورہ، لکشمی چوک، جوہر ٹاؤن، جی پی او، ریلوے اسٹیشن اور نابھا روڈ کے اطراف شدید بارش ہوئی۔ کی نے کہا ہے کہ پاکستان کا اقوام متحدہ کی صدارت سنبھالنا اہل کشمیر کے لیے اہم ہے۔ عالمی امن وسلامتی کیلئے پاکستان کی خدمات قابل تحسین ہیں۔ نہیں کرے گا، سعودی عرب، ایران اور ترکی کو اکٹھے ہی فیصلے کرنے چاہئیں۔ دی، درخواست گزار کسی قسم کی دھاندلی ثابت نہیں کر سکا۔ بعدازاں اپوزیشن لیڈر عمر ایوب کے وکیل کے دلائل

بقیہ
بقیہ جات
37

ہے۔تفصیلات کے مطابق صوبائی دارالحکومت لاہور کے مختلف علاقوں راوی روڈ، مصری شاہ، شیر انوالہ گیٹ، گجر پورہ، داتا نگر، بھگوان پورہ، لکشمی چوک، جوہر ٹاؤن، جی پی او، ریلوے اسٹیشن اور نابھا روڈ کے اطراف شدید بارش ہوئی۔ کی نے کہا ہے کہ پاکستان کا اقوام متحدہ کی صدارت سنبھالنا اہل کشمیر کے لیے اہم ہے۔ عالمی امن وسلامتی کیلئے پاکستان کی خدمات قابل تحسین ہیں۔ نہیں کرے گا، سعودی عرب، ایران اور ترکی کو اکٹھے ہی فیصلے کرنے چاہئیں۔ دی، درخواست گزار کسی قسم کی دھاندلی ثابت نہیں کر سکا۔ بعدازاں اپوزیشن لیڈر عمر ایوب کے وکیل کے دلائل

بقیہ
بقیہ جات
38

ہے۔تفصیلات کے مطابق صوبائی دارالحکومت لاہور کے مختلف علاقوں راوی روڈ، مصری شاہ، شیر انوالہ گیٹ، گجر پورہ، داتا نگر، بھگوان پورہ، لکشمی چوک، جوہر ٹاؤن، جی پی او، ریلوے اسٹیشن اور نابھا روڈ کے اطراف شدید بارش ہوئی۔ کی نے کہا ہے کہ پاکستان کا اقوام متحدہ کی صدارت سنبھالنا اہل کشمیر کے لیے اہم ہے۔ عالمی امن وسلامتی کیلئے پاکستان کی خدمات قابل تحسین ہیں۔ نہیں کرے گا، سعودی عرب، ایران اور ترکی کو اکٹھے ہی فیصلے کرنے چاہئیں۔ دی، درخواست گزار کسی قسم کی دھاندلی ثابت نہیں کر سکا۔ بعدازاں اپوزیشن لیڈر عمر ایوب کے وکیل کے دلائل

بقیہ
بقیہ جات
39

ہے۔تفصیلات کے مطابق صوبائی دارالحکومت لاہور کے مختلف علاقوں راوی روڈ، مصری شاہ، شیر انوالہ گیٹ، گجر پورہ، داتا نگر، بھگوان پورہ، لکشمی چوک، جوہر ٹاؤن، جی پی او، ریلوے اسٹیشن اور نابھا روڈ کے اطراف شدید بارش ہوئی۔ کی نے کہا ہے کہ پاکستان کا اقوام متحدہ کی صدارت سنبھالنا اہل کشمیر کے لیے اہم ہے۔ عالمی امن وسلامتی کیلئے پاکستان کی خدمات قابل تحسین ہیں۔ نہیں کرے گا، سعودی عرب، ایران اور ترکی کو اکٹھے ہی فیصلے کرنے چاہئیں۔ دی، درخواست گزار کسی قسم کی دھاندلی ثابت نہیں کر سکا۔ بعدازاں اپوزیشن لیڈر عمر ایوب کے وکیل کے دلائل

بقیہ
بقیہ جات
40

ہے۔تفصیلات کے مطابق صوبائی دارالحکومت لاہور کے مختلف علاقوں راوی روڈ، مصری شاہ، شیر انوالہ گیٹ، گجر پورہ، داتا نگر، بھگوان پورہ، لکشمی چوک، جوہر ٹاؤن، جی پی او، ریلوے اسٹیشن اور نابھا روڈ کے اطراف شدید بارش ہوئی۔ کی نے کہا ہے کہ پاکستان کا اقوام متحدہ کی صدارت سنبھالنا اہل کشمیر کے لیے اہم ہے۔ عالمی امن وسلامتی کیلئے پاکستان کی خدمات قابل تحسین ہیں۔ نہیں کرے گا، سعودی عرب، ایران اور ترکی کو اکٹھے ہی فیصلے کرنے چاہئیں۔ دی، درخواست گزار کسی قسم کی دھاندلی ثابت نہیں کر سکا۔ بعدازاں اپوزیشن لیڈر عمر ایوب کے وکیل کے دلائل

بقیہ
بقیہ جات
41

ہے۔تفصیلات کے مطابق صوبائی دارالحکومت لاہور کے مختلف علاقوں راوی روڈ، مصری شاہ، شیر انوالہ گیٹ، گجر پورہ، داتا نگر، بھگوان پورہ، لکشمی چوک، جوہر ٹاؤن، جی پی او، ریلوے اسٹیشن اور نابھا روڈ کے اطراف شدید بارش ہوئی۔ کی نے کہا ہے کہ پاکستان کا اقوام متحدہ کی صدارت سنبھالنا اہل کشمیر کے لیے اہم ہے۔ عالمی امن وسلامتی کیلئے پاکستان کی خدمات قابل تحسین ہیں۔ نہیں کرے گا، سعودی عرب، ایران اور ترکی کو اکٹھے ہی فیصلے کرنے چاہئیں۔ دی، درخواست گزار کسی قسم کی دھاندلی ثابت نہیں کر سکا۔ بعدازاں اپوزیشن لیڈر عمر ایوب کے وکیل کے دلائل

بقیہ
بقیہ جات
42

ہے۔تفصیلات کے مطابق صوبائی دارالحکومت لاہور کے مختلف علاقوں راوی روڈ، مصری شاہ، شیر انوالہ گیٹ، گجر پورہ، داتا نگر، بھگوان پورہ، لکشمی چوک، جوہر ٹاؤن، جی پی او، ریلوے اسٹیشن اور نابھا روڈ کے اطراف شدید بارش ہوئی۔ کی نے کہا ہے کہ پاکستان کا اقوام متحدہ کی صدارت سنبھالنا اہل کشمیر کے لیے اہم ہے۔ عالمی امن وسلامتی کیلئے پاکستان کی خدمات قابل تحسین ہیں۔ نہیں کرے گا، سعودی عرب، ایران اور ترکی کو اکٹھے ہی فیصلے کرنے چاہئیں۔ دی، درخواست گزار کسی قسم کی دھاندلی ثابت نہیں کر سکا۔ بعدازاں اپوزیشن لیڈر عمر ایوب کے وکیل کے دلائل

بقیہ
بقیہ جات
43

ہے۔تفصیلات کے مطابق صوبائی دارالحکومت لاہور کے مختلف علاقوں راوی روڈ، مصری شاہ، شیر انوالہ گیٹ، گجر پورہ، داتا نگر، بھگوان پورہ، لکشمی چوک، جوہر ٹاؤن، جی پی او، ریلوے اسٹیشن اور نابھا روڈ کے اطراف شدید بارش ہوئی۔ کی نے کہا ہے کہ پاکستان کا اقوام متحدہ کی صدارت سنبھالنا اہل کشمیر کے لیے اہم ہے۔ عالمی امن وسلامتی کیلئے پاکستان کی خدمات قابل تحسین ہیں۔ نہیں کرے گا، سعودی عرب، ایران اور ترکی کو اکٹھے ہی فیصلے کرنے چاہئیں۔ دی، درخواست گزار کسی قسم کی دھاندلی ثابت نہیں کر سکا۔ بعدازاں اپوزیشن لیڈر عمر ایوب کے وکیل کے دلائل

بقیہ
بقیہ جات
44

ہے۔تفصیلات کے مطابق صوبائی دارالحکومت لاہور کے مختلف علاقوں راوی روڈ، مصری شاہ، شیر انوالہ گیٹ، گجر پورہ، داتا نگر، بھگوان پورہ، لکشمی چوک، جوہر ٹاؤن، جی پی او، ریلوے اسٹیشن اور نابھا روڈ کے اطراف شدید بارش ہوئی۔ کی نے کہا ہے کہ پاکستان کا اقوام متحدہ کی صدارت سنبھالنا اہل کشمیر کے لیے اہم ہے۔ عالمی امن وسلامتی کیلئے پاکستان کی خدمات قابل تحسین ہیں۔ نہیں کرے گا، سعودی عرب، ایران اور ترکی کو اکٹھے ہی فیصلے کرنے چاہئیں۔ دی، درخواست گزار کسی قسم کی دھاندلی ثابت نہیں کر سکا۔ بعدازاں اپوزیشن لیڈر عمر ایوب کے وکیل کے دلائل مکمل ہونے پر الیکشن کمیشن نے کیس کا فیصلہ محفوظ کرلیا۔ ہے۔تفصیلات کے

بقیہ
بقیہ جات
45

ہے۔تفصیلات کے مطابق صوبائی دارالحکومت لاہور کے مختلف علاقوں راوی روڈ، مصری شاہ، شیر انوالہ گیٹ، گجر پورہ، داتا نگر، بھگوان پورہ، لکشمی چوک، جوہر ٹاؤن، جی پی او، ریلوے اسٹیشن اور نابھا روڈ کے اطراف شدید بارش ہوئی۔ کی نے کہا ہے کہ پاکستان کا اقوام متحدہ کی صدارت سنبھالنا اہل کشمیر کے لیے اہم ہے۔ عالمی امن وسلامتی کیلئے پاکستان کی خدمات قابل تحسین ہیں۔ نہیں کرے گا، سعودی عرب، ایران اور ترکی کو اکٹھے ہی فیصلے کرنے چاہئیں۔ دی، درخواست گزار کسی قسم کی دھاندلی ثابت نہیں کر سکا۔ بعدازاں اپوزیشن لیڈر عمر ایوب کے وکیل کے دلائل مکمل ہونے پر الیکشن کمیشن نے کیس کا فیصلہ محفوظ کرلیا۔ ہے۔تفصیلات کے

بقیہ
بقیہ جات
46

ہے۔تفصیلات کے مطابق صوبائی دارالحکومت لاہور کے مختلف علاقوں راوی روڈ، مصری شاہ، شیر انوالہ گیٹ، گجر پورہ، داتا نگر، بھگوان پورہ، لکشمی چوک، جوہر ٹاؤن، جی پی او، ریلوے اسٹیشن اور نابھا روڈ کے اطراف شدید بارش ہوئی۔ کی نے کہا ہے کہ پاکستان کا اقوام متحدہ کی صدارت سنبھالنا اہل کشمیر کے لیے اہم ہے۔ عالمی امن وسلامتی کیلئے پاکستان کی خدمات قابل تحسین ہیں۔ نہیں کرے گا، سعودی عرب، ایران اور ترکی کو اکٹھے ہی فیصلے کرنے چاہئیں۔ دی، درخواست گزار کسی قسم کی دھاندلی ثابت نہیں کر سکا۔ بعدازاں اپوزیشن لیڈر عمر ایوب کے وکیل کے دلائل مکمل ہونے پر الیکشن کمیشن نے کیس کا فیصلہ محفوظ کرلیا۔ ہے۔تفصیلات کے

بقیہ
بقیہ جات
47

ہے۔تفصیلات کے مطابق صوبائی دارالحکومت لاہور کے مختلف علاقوں راوی روڈ، مصری شاہ، شیر انوالہ گیٹ، گجر پورہ، داتا نگر، بھگوان پورہ، لکشمی چوک، جوہر ٹاؤن، جی پی او، ریلوے اسٹیشن اور نابھا روڈ کے اطراف شدید بارش ہوئی۔ کی نے کہا ہے کہ پاکستان کا اقوام متحدہ کی صدارت سنبھالنا اہل کشمیر کے لیے اہم ہے۔ عالمی امن وسلامتی کیلئے پاکستان کی خدمات قابل تحسین ہیں۔ نہیں کرے گا، سعودی عرب، ایران اور ترکی کو اکٹھے ہی فیصلے کرنے چاہئیں۔ دی، درخواست گزار کسی قسم کی دھاندلی ثابت نہیں کر سکا۔ بعدازاں اپوزیشن لیڈر عمر ایوب کے وکیل کے دلائل مکمل ہونے پر الیکشن کمیشن نے کیس کا فیصلہ محفوظ کرلیا۔ ہے۔تفصیلات کے

بقیہ
بقیہ جات
48

ہے۔تفصیلات کے مطابق صوبائی دارالحکومت لاہور کے مختلف علاقوں راوی روڈ، مصری شاہ، شیر انوالہ گیٹ، گجر پورہ، داتا نگر، بھگوان پورہ، لکشمی چوک، جوہر ٹاؤن، جی پی او، ریلوے اسٹیشن اور نابھا روڈ کے اطراف شدید بارش ہوئی۔ کی نے کہا ہے کہ پاکستان کا اقوام متحدہ کی صدارت سنبھالنا اہل کشمیر کے لیے اہم ہے۔ عالمی امن وسلامتی کیلئے پاکستان کی خدمات قابل تحسین ہیں۔ نہیں کرے گا، سعودی عرب، ایران اور ترکی کو اکٹھے ہی فیصلے کرنے چاہئیں۔ دی، درخواست گزار کسی قسم کی دھاندلی ثابت نہیں کر سکا۔ بعدازاں اپوزیشن لیڈر عمر ایوب کے وکیل کے دلائل مکمل ہونے پر الیکشن کمیشن نے کیس کا فیصلہ محفوظ کرلیا۔ ہے۔تفصیلات کے مطابق صوبائی دارالحکومت لاہور کے مختلف علاقوں راوی روڈ، مصری شاہ، شیر انوالہ گیٹ، گجر پورہ، داتا نگر، بھگوان پورہ، لکشمی چوک، جوہر ٹاؤن، جی پی او، ریلوے اسٹیشن اور نابھا روڈ کے اطراف شدید بارش ہوئی۔ کی نے کہا ہے کہ پاکستان کا اقوام متحدہ کی صدارت سنبھالنا اہل کشمیر کے لیے اہم ہے۔ عالمی امن وسلامتی کیلئے پاکستان کی خدمات قابل تحسین ہیں۔ نہیں کرے گا، سعودی عرب، ایران اور ترکی کو اکٹھے ہی فیصلے کرنے چاہئیں۔ دی، درخواست گزار کسی قسم کی دھاندلی ثابت نہیں کر سکا۔ بعدازاں اپوزیشن لیڈر عمر ایوب کے وکیل کے دلائل مکمل ہونے پر الیکشن کمیشن نے کیس کا فیصلہ محفوظ کرلیا۔ ہے۔تفصیلات کے مطابق صوبائی دارالحکومت لاہور کے مختلف علاقوں راوی روڈ، مصری شاہ، شیر انوالہ گیٹ، گجر

بقیہ
بقیہ جات
49

ہے۔تفصیلات کے مطابق صوبائی دارالحکومت لاہور کے مختلف علاقوں راوی روڈ، مصری شاہ، شیر انوالہ گیٹ، گجر پورہ، داتا نگر، بھگوان پورہ، لکشمی چوک، جوہر ٹاؤن، جی پی او، ریلوے اسٹیشن اور نابھا روڈ کے اطراف شدید بارش ہوئی۔ کی نے کہا ہے کہ پاکستان کا اقوام متحدہ کی صدارت سنبھالنا اہل کشمیر کے لیے اہم ہے۔ عالمی امن وسلامتی کیلئے پاکستان کی خدمات قابل تحسین ہیں۔ نہیں کرے گا، سعودی عرب، ایران اور ترکی کو اکٹھے ہی فیصلے کرنے چاہئیں۔ دی، درخواست گزار کسی قسم کی دھاندلی ثابت نہیں کر سکا۔ بعدازاں اپوزیشن لیڈر عمر ایوب کے وکیل کے دلائل مکمل ہونے پر الیکشن کمیشن نے کیس کا فیصلہ محفوظ کرلیا۔ ہے۔تفصیلات کے مطابق صوبائی دارالحکومت لاہور کے مختلف علاقوں راوی روڈ، مصری شاہ، شیر انوالہ گیٹ، گجر پورہ، داتا نگر، بھگوان پورہ، لکشمی چوک، جوہر ٹاؤن، جی پی او، ریلوے اسٹیشن اور نابھا روڈ کے اطراف شدید بارش ہوئی۔ کی نے کہا ہے کہ پاکستان کا اقوام متحدہ کی صدارت سنبھالنا اہل کشمیر کے لیے اہم ہے۔ عالمی امن وسلامتی کیلئے پاکستان کی خدمات قابل تحسین ہیں۔ نہیں کرے گا، سعودی عرب، ایران اور ترکی کو اکٹھے ہی فیصلے کرنے چاہئیں۔ دی، درخواست گزار کسی قسم کی دھاندلی ثابت نہیں کر سکا۔ بعدازاں اپوزیشن لیڈر عمر ایوب کے وکیل کے دلائل مکمل ہونے پر الیکشن کمیشن نے کیس کا فیصلہ محفوظ کرلیا۔ ہے۔تفصیلات کے مطابق صوبائی دارالحکومت لاہور کے مختلف علاقوں راوی روڈ، مصری شاہ، شیر انوالہ گیٹ، گجر

بقیہ
بقیہ جات
50

ہے۔تفصیلات کے مطابق صوبائی دارالحکومت لاہور کے مختلف علاقوں راوی روڈ، مصری شاہ، شیر انوالہ گیٹ، گجر پورہ، داتا نگر، بھگوان پورہ، لکشمی چوک، جوہر ٹاؤن، جی پی او، ریلوے اسٹیشن اور نابھا روڈ کے اطراف شدید بارش ہوئی۔ کی نے کہا ہے کہ پاکستان کا اقوام متحدہ کی صدارت سنبھالنا اہل کشمیر کے لیے اہم ہے۔ عالمی امن وسلامتی کیلئے پاکستان کی خدمات قابل تحسین ہیں۔ نہیں کرے گا، سعودی عرب، ایران اور ترکی کو اکٹھے ہی فیصلے کرنے چاہئیں۔ دی، درخواست گزار کسی قسم کی دھاندلی ثابت نہیں کر سکا۔ بعدازاں اپوزیشن لیڈر عمر ایوب کے وکیل کے دلائل مکمل ہونے پر الیکشن کمیشن نے کیس کا فیصلہ محفوظ کرلیا۔ ہے۔تفصیلات کے مطابق صوبائی دارالحکومت لاہور کے مختلف علاقوں راوی روڈ، مصری شاہ، شیر انوالہ گیٹ، گجر پورہ، داتا نگر، بھگوان پورہ، لکشمی چوک، جوہر ٹاؤن، جی پی او، ریلوے اسٹیشن اور نابھا روڈ کے اطراف شدید بارش ہوئی۔ کی نے کہا ہے کہ پاکستان کا اقوام متحدہ کی صدارت سنبھالنا اہل کشمیر کے لیے اہم ہے۔ عالمی امن وسلامتی کیلئے پاکستان کی خدمات قابل تحسین ہیں۔ نہیں کرے گا، سعودی عرب، ایران اور ترکی کو اکٹھے ہی فیصلے کرنے چاہئیں۔ دی، درخواست گزار کسی قسم کی دھاندلی ثابت نہیں کر سکا۔ بعدازاں اپوزیشن لیڈر عمر ایوب کے وکیل کے دلائل مکمل ہونے پر الیکشن کمیشن نے کیس کا فیصلہ محفوظ کرلیا۔ ہے۔تفصیلات کے مطابق صوبائی دارالحکومت لاہور کے مختلف علاقوں راوی روڈ، مصری شاہ، شیر انوالہ گیٹ، گجر پورہ، داتا نگر، بھگوان پورہ، لکشمی چوک، جوہر ٹاؤن، جی پی او، ریلوے اسٹیشن اور نابھا روڈ کے اطراف شدید بارش ہوئی۔ کی نے کہا ہے کہ پاکستان کا اقوام متحدہ کی صدارت سنبھالنا اہل کشمیر کے لیے اہم ہے۔ عالمی امن وسلامتی کیلئے پاکستان کی خدمات قابل تحسین ہیں۔ نہیں کرے گا، سعودی عرب، ایران اور ترکی کو اکٹھے ہی فیصلے کرنے چاہئیں۔ دی، درخواست گزار کسی قسم کی دھاندلی ثابت نہیں کر سکا۔ بعدازاں اپوزیشن لیڈر عمر ایوب کے وکیل کے دلائل مکمل ہونے پر الیکشن کمیشن نے کیس کا فیصلہ محفوظ کرلیا۔ ہے۔تفصیلات کے مطابق صوبائی دارالحکومت لاہور کے مختلف علاقوں راوی روڈ، مصری شاہ، شیر انوالہ گیٹ، گجر پورہ، داتا نگر، بھگوان پورہ، لکشمی چوک، جوہر ٹاؤن، جی پی او، ریلوے اسٹیشن اور نابھا روڈ کے اطراف شدید بارش ہوئی۔ کی نے کہا ہے کہ پاکستان کا اقوام متحدہ کی صدارت سنبھالنا اہل کشمیر کے لیے اہم ہے۔ عالمی امن وسلامتی کیلئے پاکستان کی خدمات قابل تحسین ہیں۔ نہیں کرے گا، سعودی عرب، ایران اور ترکی کو اکٹھے ہی فیصلے کرنے چاہئیں۔ دی، درخواست گزار کسی قسم کی دھاندلی ثابت نہیں کر سکا۔ بعدازاں اپوزیشن لیڈر عمر ایوب کے وکیل کے دلائل مکمل ہونے پر الیکشن کمیشن نے کیس کا فیصلہ محفوظ کرلیا۔ ہے۔تفصیلات کے مطابق صوبائی دارالحکومت لاہور کے مختلف علاقوں راوی روڈ، مصری شاہ، شیر انوالہ گیٹ، گجر پورہ، داتا نگر، بھگوان پورہ، لکشمی چوک، جوہر ٹاؤن، جی پی او، ریلوے اسٹیشن اور نابھا روڈ کے اطراف شدید بارش ہوئی۔ کی نے کہا ہے کہ پاکستان کا اقوام متحدہ کی صدارت سنبھالنا اہل کشمیر کے لیے

بعدالت جناب سام اللہ
صاحب فیملی جج کوٹ مومن ضلع
سرگودھا
مشکل ہے لہٰذا بذریعہ اخبار اشتہار مدعا علیہ کو مطلع کیا جاتا ہے کہ آپ بتقرر
14-7-2025
بوقت 8 بجے صبح اصالتاً یا وکالتاً حاضر عدالت ہوں۔ بصورت دیگر کارروائی حسب ضابطہ عمل میں لائی جائے گی بعد میں کوئی عذر قابل قبول نہ ہوگا۔
بعدالت جناب سید عدنان مہدی
صاحب سینئر سول جج/ گارڈین جج
چنیوٹ۔
درخواست حصول سرٹیفکیٹ جانشینی
الناس۔ ہر گاہ سائل نے درخواست مذکورہ عدالت ہذا میں گزاری ہے لہٰذا ہر خاص وعام کو بذریعہ اشتہار مطلع کیا جاتا ہے کہ کسی کو کوئی عذر نسبت درخواست سائل ہو تو اصالتاً یا وکالتاً یا بذریعہ مختار خاص عدالت ہذا میں آپ بتقرر
12-7-2025
بوقت 8 بجے صبح حاضر ہوں۔
بعدالت جناب زاہد سلیم صاحب
سول جج درجہ اول فیصل آباد۔
بجائداد دعویٰ۔
کہ آپ بتقرر
10-7-2025
بوقت 8 بجے صبح اصالتاً یا وکالتاً حاضر عدالت ہوں۔ بصورت دیگر کارروائی حسب ضابطہ عمل میں لائی جائے گی بعد میں کوئی عذر قابل قبول نہ ہوگا۔
مہر عدالت
دستخط حاکم
بعدالت محترمہ صباء عالم صاحبہ
سول جج راولپنڈی
دعویٰ تنسیخ نکاح،
ثانیہ زہرہ بنام شہریار اشرف ولد محمد اشرف ندیم
بعدالت جناب راجہ علی رضا
صاحب سول جج وزیر آباد
عنوان، شرجیل خان بنام جویریہ الیاس ۔دعوی آمادہ حقوق زن آشوئی۔ اخبار اشتہار بنام جویریہ الیاس دختر محمد الیاس قوم پٹھان ساکن فقیر آباد کریمی ٹاؤن امان گڑھ تحصیل وضلع نوشہرہ KPK
12-07-2025
بعدالت جناب یاسر بلال
صاحب سول جج راولپنڈی
دعویٰ تنسیخ نکاح،
بی بی بنام افتخار احمد ولد اللہ لوک ساکن مکان نمبر 37 گلی نمبر 5 محلہ برکت پورہ باغبان پورہ لاہور ہر گاہ مقدمہ عنوان بالا میں مدعا علیہ کی تعمیل سمن سے ہونی مشکل ہے ۔ لہٰذا آپ کو
16-07-2025
بعدالت جناب اعجاز احمد امتیاز
صاحب سول جج درجہ اول
LDA بلڈنگ ایوان عدل لاہور
دعویٰ استقرار حق
جاتا ہے کہ آپ بتقرر
14-7-2025
بوقت 8 بجے صبح اصالتاً یا وکالتاً حاضر عدالت ہوں۔ بصورت دیگر کارروائی حسب ضابطہ عمل میں لائی جائے گی بعد میں کوئی عذر قابل قبول نہ ہوگا۔
مہر عدالت 788
دستخط حاکم
بعدالت جناب یاسر بلال
صاحب سول جج راولپنڈی
دعویٰ نان نفقہ،
جویریہ شریف بنام محمد Amir ولد عبدالرزاق ساکن مکان نمبر 168/10 گلی نمبر 8 محلہ
29-07-2025
بعدالت جناب یاسر بلال
صاحب سول جج راولپنڈی
درخواست حضانت،
جویریہ شریف بنام محمد Amir ولد عبدالرزاق ساکن مکان نمبر 168/10 گلی نمبر 8 محلہ
29-07-25
بعدالت جناب سام اللہ
صاحب فیملی جج کوٹ مومن ضلع
سرگودھا
دعویٰ تنسیخ نکاح بربنائے خلع
19-7-2025
بعدالت جناب غلام اکبر صاحب
سینئر سول جج/ سول ڈویژن
پاکپتن شریف۔
دعویٰ استقرار حق معہ حکم تاکیدی۔
اللہ دتہ ولد رشید احمد قوم میں ساکن ملکہ ہانس تحصیل وضلع پاکپتن شریف بنام چیئرمین نادرا وغیرہ اشتہار بنام عوام الناس۔ ہر گاہ سائل نے وکالتاً یا بذریعہ مختار خاص عدالت ہذا میں آپ بتقرر
17-7-2025
بوقت 8 بجے صبح حاضر ہو کر پیش کریں ورنہ کارروائی حسب ضابطہ عمل میں لائی جاوے گی۔
مہر عدالت
دستخط حاکم
